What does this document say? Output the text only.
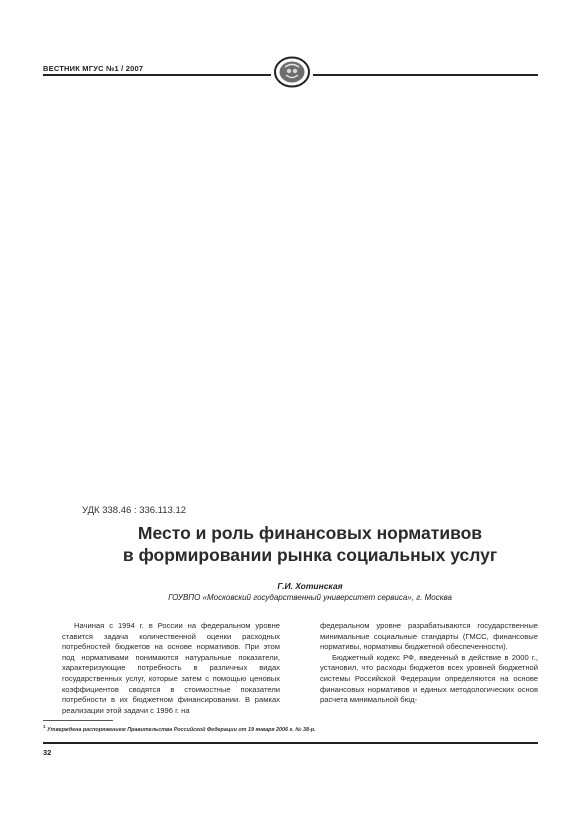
ВЕСТНИК МГУС №1 / 2007
УДК 338.46 : 336.113.12
Место и роль финансовых нормативов
в формировании рынка социальных услуг
Г.И. Хотинская
ГОУВПО «Московский государственный университет сервиса», г. Москва

Начиная с 1994 г. в России на федеральном уровне ставится задача количественной оценки расходных потребностей бюджетов на основе нормативов. При этом под нормативами понимаются натуральные показатели, характеризующие потребность в различных видах государственных услуг, которые затем с помощью ценовых коэффициентов сводятся в стоимостные показатели потребности в их бюджетном финансировании. В рамках реализации этой задачи с 1996 г. на

федеральном уровне разрабатываются государственные минимальные социальные стандарты (ГМСС, финансовые нормативы, нормативы бюджетной обеспеченности).

Бюджетный кодекс РФ, введенный в действие в 2000 г., установил, что расходы бюджетов всех уровней бюджетной системы Российской Федерации определяются на основе финансовых нормативов и единых методологических основ расчета минимальной бюд-

$^1$ Утверждена распоряжением Правительства Российской Федерации от 19 января 2006 г. № 38-р.
32
